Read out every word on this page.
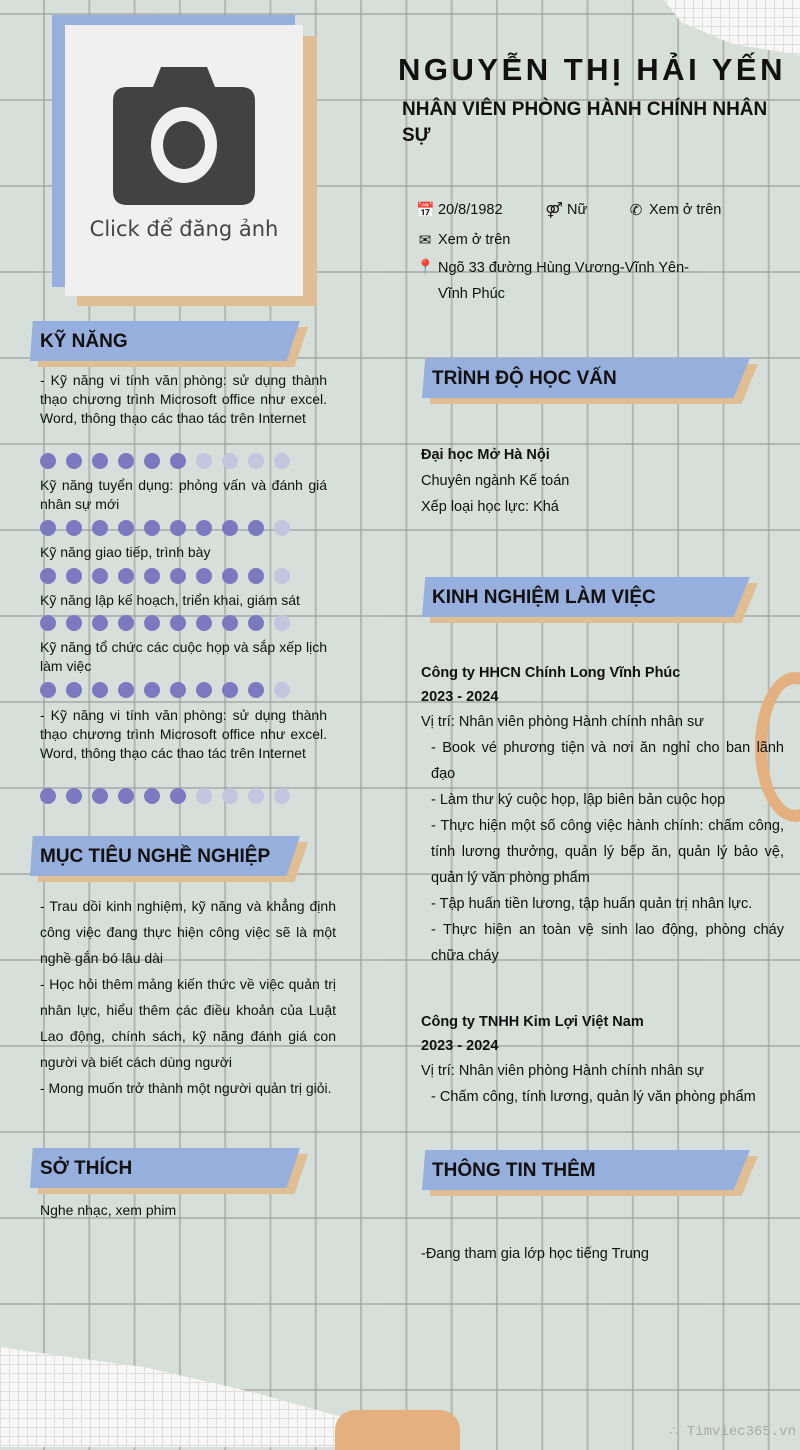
Click để đăng ảnh
NGUYỄN THỊ HẢI YẾN
NHÂN VIÊN PHÒNG HÀNH CHÍNH NHÂN SỰ
📅 20/8/1982	⚤ Nữ	✆ Xem ở trên
✉ Xem ở trên
📍 Ngõ 33 đường Hùng Vương-Vĩnh Yên-Vĩnh Phúc
KỸ NĂNG
- Kỹ năng vi tính văn phòng: sử dụng thành thạo chương trình Microsoft office như excel. Word, thông thạo các thao tác trên Internet
Kỹ năng tuyển dụng: phỏng vấn và đánh giá nhân sự mới
Kỹ năng giao tiếp, trình bày
Kỹ năng lập kế hoạch, triển khai, giám sát
Kỹ năng tổ chức các cuộc họp và sắp xếp lịch làm việc
- Kỹ năng vi tính văn phòng: sử dụng thành thạo chương trình Microsoft office như excel. Word, thông thạo các thao tác trên Internet
MỤC TIÊU NGHỀ NGHIỆP
- Trau dồi kinh nghiệm, kỹ năng và khẳng định công việc đang thực hiện công việc sẽ là một nghề gắn bó lâu dài
- Học hỏi thêm mảng kiến thức về việc quản trị nhân lực, hiểu thêm các điều khoản của Luật Lao động, chính sách, kỹ năng đánh giá con người và biết cách dùng người
- Mong muốn trở thành một người quản trị giỏi.
SỞ THÍCH
Nghe nhạc, xem phim
TRÌNH ĐỘ HỌC VẤN
Đại học Mở Hà Nội
Chuyên ngành Kế toán
Xếp loại học lực: Khá
KINH NGHIỆM LÀM VIỆC
Công ty HHCN Chính Long Vĩnh Phúc
2023 - 2024
Vị trí: Nhân viên phòng Hành chính nhân sư
- Book vé phương tiện và nơi ăn nghỉ cho ban lãnh đạo
- Làm thư ký cuộc họp, lập biên bản cuộc họp
- Thực hiện một số công việc hành chính: chấm công, tính lương thưởng, quản lý bếp ăn, quản lý bảo vệ, quản lý văn phòng phẩm
- Tập huấn tiền lương, tập huấn quản trị nhân lực.
- Thực hiện an toàn vệ sinh lao động, phòng cháy chữa cháy
Công ty TNHH Kim Lợi Việt Nam
2023 - 2024
Vị trí: Nhân viên phòng Hành chính nhân sự
- Chấm công, tính lương, quản lý văn phòng phẩm
THÔNG TIN THÊM
-Đang tham gia lớp học tiếng Trung
∴ Timviec365.vn
